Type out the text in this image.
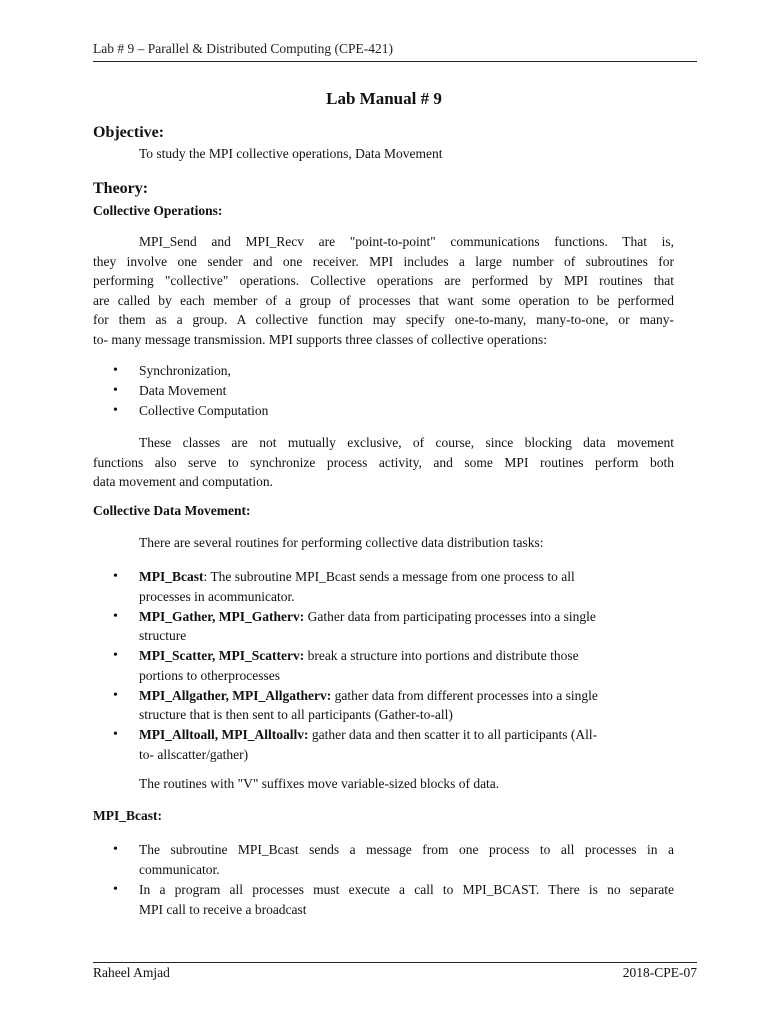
Lab # 9 – Parallel & Distributed Computing (CPE-421)
Lab Manual # 9
Objective:
To study the MPI collective operations, Data Movement
Theory:
Collective Operations:
MPI_Send and MPI_Recv are "point-to-point" communications functions. That is,
they involve one sender and one receiver. MPI includes a large number of subroutines for
performing "collective" operations. Collective operations are performed by MPI routines that
are called by each member of a group of processes that want some operation to be performed
for them as a group. A collective function may specify one-to-many, many-to-one, or many-
to- many message transmission. MPI supports three classes of collective operations:
• Synchronization,
• Data Movement
• Collective Computation
These classes are not mutually exclusive, of course, since blocking data movement
functions also serve to synchronize process activity, and some MPI routines perform both
data movement and computation.
Collective Data Movement:
There are several routines for performing collective data distribution tasks:
• MPI_Bcast: The subroutine MPI_Bcast sends a message from one process to all
processes in acommunicator.
• MPI_Gather, MPI_Gatherv: Gather data from participating processes into a single
structure
• MPI_Scatter, MPI_Scatterv: break a structure into portions and distribute those
portions to otherprocesses
• MPI_Allgather, MPI_Allgatherv: gather data from different processes into a single
structure that is then sent to all participants (Gather-to-all)
• MPI_Alltoall, MPI_Alltoallv: gather data and then scatter it to all participants (All-
to- allscatter/gather)
The routines with "V" suffixes move variable-sized blocks of data.
MPI_Bcast:
• The subroutine MPI_Bcast sends a message from one process to all processes in a
communicator.
• In a program all processes must execute a call to MPI_BCAST. There is no separate
MPI call to receive a broadcast
Raheel Amjad	2018-CPE-07
